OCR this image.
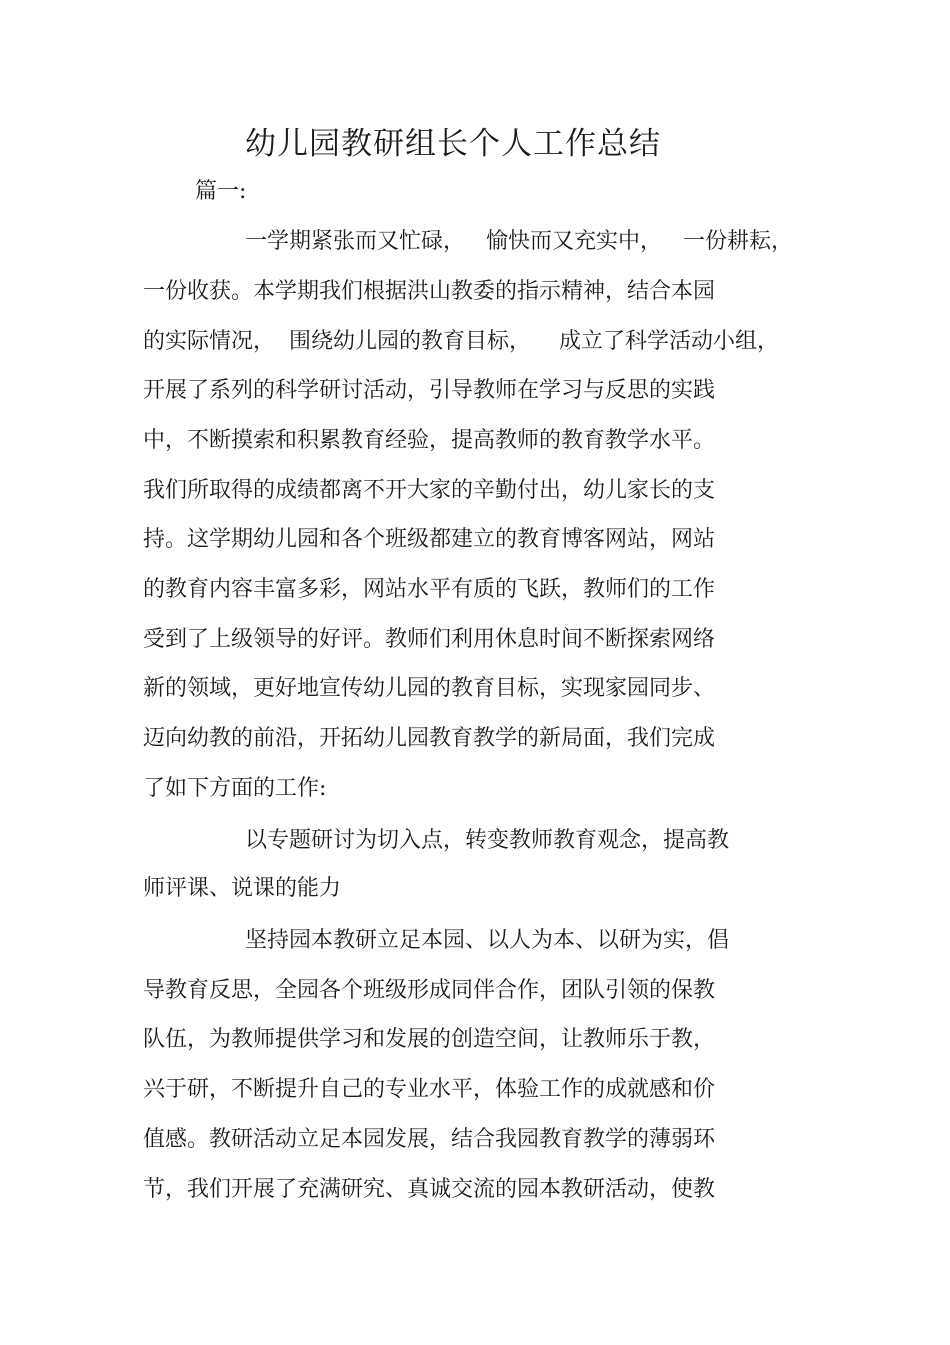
幼儿园教研组长个人工作总结

篇一:

一学期紧张而又忙碌，   愉快而又充实中，   一份耕耘，

一份收获。本学期我们根据洪山教委的指示精神，结合本园

的实际情况，  围绕幼儿园的教育目标，    成立了科学活动小组，

开展了系列的科学研讨活动，引导教师在学习与反思的实践

中，不断摸索和积累教育经验，提高教师的教育教学水平。

我们所取得的成绩都离不开大家的辛勤付出，幼儿家长的支

持。这学期幼儿园和各个班级都建立的教育博客网站，网站

的教育内容丰富多彩，网站水平有质的飞跃，教师们的工作

受到了上级领导的好评。教师们利用休息时间不断探索网络

新的领域，更好地宣传幼儿园的教育目标，实现家园同步、

迈向幼教的前沿，开拓幼儿园教育教学的新局面，我们完成

了如下方面的工作:

以专题研讨为切入点，转变教师教育观念，提高教

师评课、说课的能力

坚持园本教研立足本园、以人为本、以研为实，倡

导教育反思，全园各个班级形成同伴合作，团队引领的保教

队伍，为教师提供学习和发展的创造空间，让教师乐于教，

兴于研，不断提升自己的专业水平，体验工作的成就感和价

值感。教研活动立足本园发展，结合我园教育教学的薄弱环

节，我们开展了充满研究、真诚交流的园本教研活动，使教
